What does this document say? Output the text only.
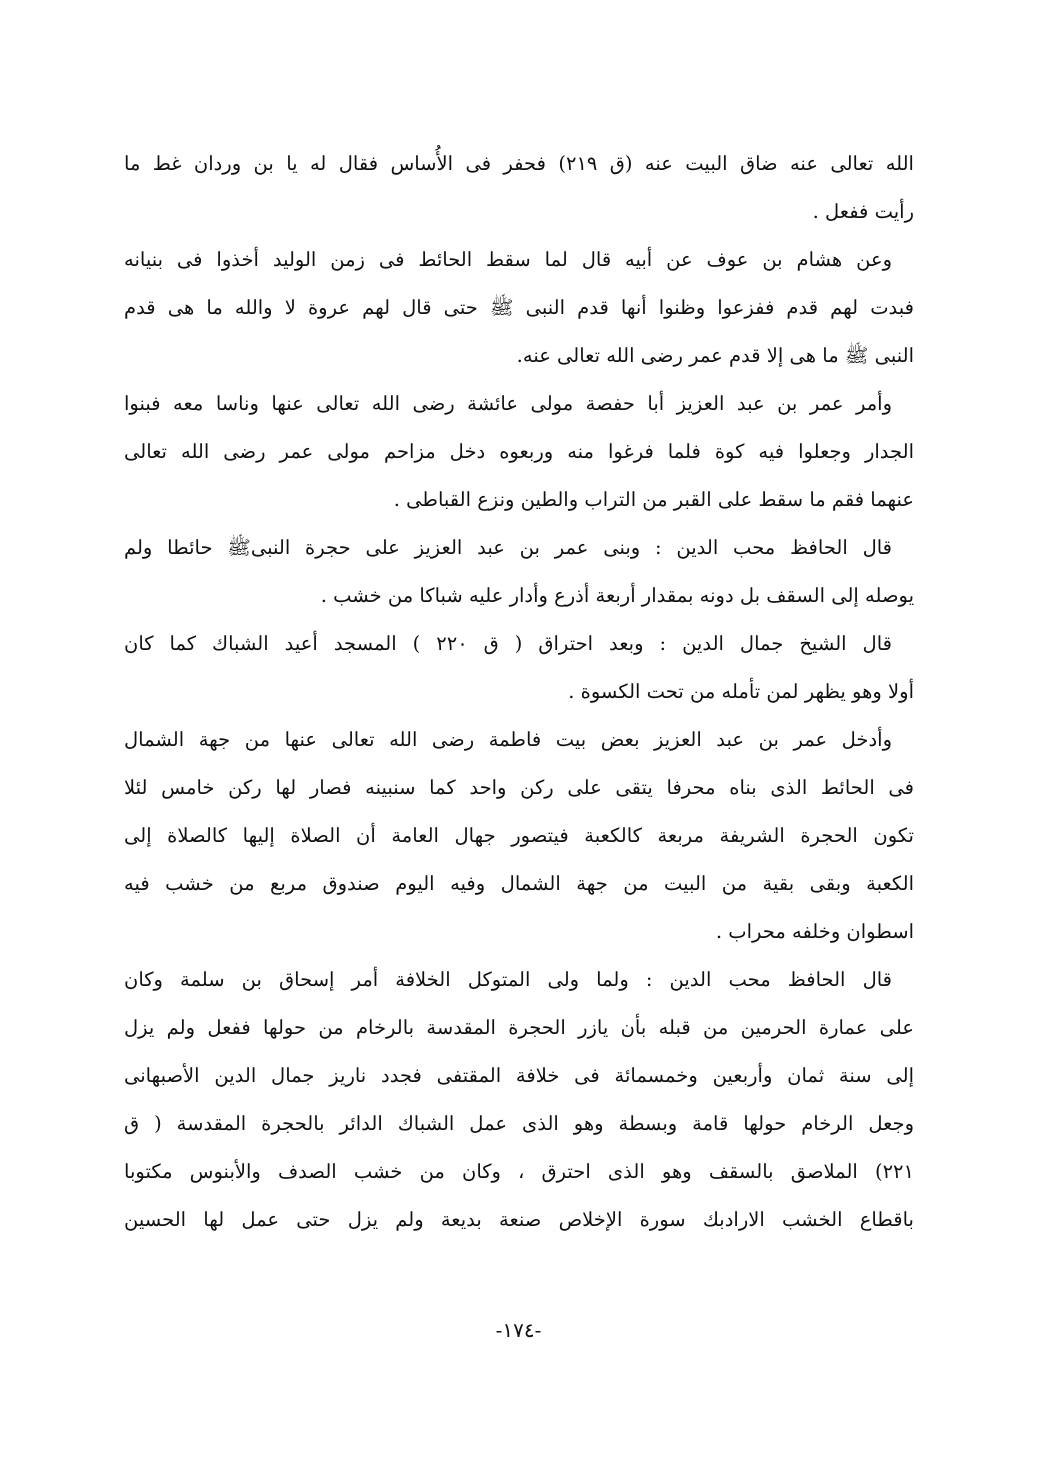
الله تعالى عنه ضاق البيت عنه (ق ٢١٩) فحفر فى الأُساس فقال له يا بن وردان غط ما
رأيت ففعل .
وعن هشام بن عوف عن أبيه قال لما سقط الحائط فى زمن الوليد أخذوا فى بنيانه
فبدت لهم قدم ففزعوا وظنوا أنها قدم النبى ﷺ حتى قال لهم عروة لا والله ما هى قدم
النبى ﷺ ما هى إلا قدم عمر رضى الله تعالى عنه.
وأمر عمر بن عبد العزيز أبا حفصة مولى عائشة رضى الله تعالى عنها وناسا معه فبنوا
الجدار وجعلوا فيه كوة فلما فرغوا منه وربعوه دخل مزاحم مولى عمر رضى الله تعالى
عنهما فقم ما سقط على القبر من التراب والطين ونزع القباطى .
قال الحافظ محب الدين : وبنى عمر بن عبد العزيز على حجرة النبىﷺ حائطا ولم
يوصله إلى السقف بل دونه بمقدار أربعة أذرع وأدار عليه شباكا من خشب .
قال الشيخ جمال الدين : وبعد احتراق ( ق ٢٢٠ ) المسجد أعيد الشباك كما كان
أولا وهو يظهر لمن تأمله من تحت الكسوة .
وأدخل عمر بن عبد العزيز بعض بيت فاطمة رضى الله تعالى عنها من جهة الشمال
فى الحائط الذى بناه محرفا يتقى على ركن واحد كما سنبينه فصار لها ركن خامس لئلا
تكون الحجرة الشريفة مربعة كالكعبة فيتصور جهال العامة أن الصلاة إليها كالصلاة إلى
الكعبة وبقى بقية من البيت من جهة الشمال وفيه اليوم صندوق مربع من خشب فيه
اسطوان وخلفه محراب .
قال الحافظ محب الدين : ولما ولى المتوكل الخلافة أمر إسحاق بن سلمة وكان
على عمارة الحرمين من قبله بأن يازر الحجرة المقدسة بالرخام من حولها ففعل ولم يزل
إلى سنة ثمان وأربعين وخمسمائة فى خلافة المقتفى فجدد ناريز جمال الدين الأصبهانى
وجعل الرخام حولها قامة وبسطة وهو الذى عمل الشباك الدائر بالحجرة المقدسة ( ق
٢٢١) الملاصق بالسقف وهو الذى احترق ، وكان من خشب الصدف والأبنوس مكتوبا
باقطاع الخشب الارادبك سورة الإخلاص صنعة بديعة ولم يزل حتى عمل لها الحسين
-١٧٤-
